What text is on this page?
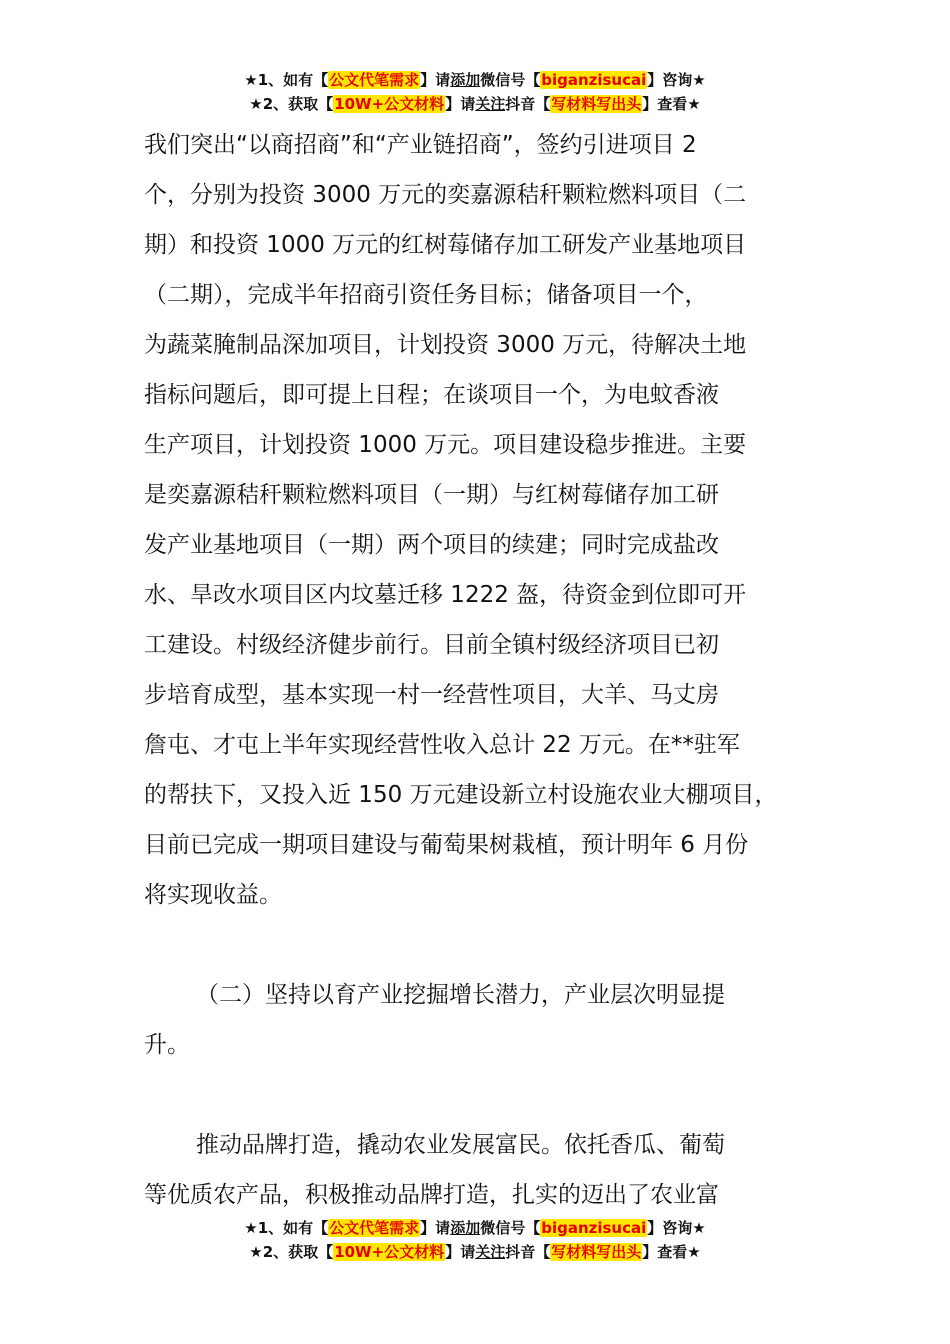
★1、如有【公文代笔需求】请添加微信号【biganzisucai】咨询★
★2、获取【10W+公文材料】请关注抖音【写材料写出头】查看★
我们突出“以商招商”和“产业链招商”，签约引进项目 2
个，分别为投资 3000 万元的奕嘉源秸秆颗粒燃料项目（二
期）和投资 1000 万元的红树莓储存加工研发产业基地项目
（二期），完成半年招商引资任务目标；储备项目一个，
为蔬菜腌制品深加项目，计划投资 3000 万元，待解决土地
指标问题后，即可提上日程；在谈项目一个，为电蚊香液
生产项目，计划投资 1000 万元。项目建设稳步推进。主要
是奕嘉源秸秆颗粒燃料项目（一期）与红树莓储存加工研
发产业基地项目（一期）两个项目的续建；同时完成盐改
水、旱改水项目区内坟墓迁移 1222 盔，待资金到位即可开
工建设。村级经济健步前行。目前全镇村级经济项目已初
步培育成型，基本实现一村一经营性项目，大羊、马丈房
詹屯、才屯上半年实现经营性收入总计 22 万元。在**驻军
的帮扶下，又投入近 150 万元建设新立村设施农业大棚项目，
目前已完成一期项目建设与葡萄果树栽植，预计明年 6 月份
将实现收益。
（二）坚持以育产业挖掘增长潜力，产业层次明显提
升。
推动品牌打造，撬动农业发展富民。依托香瓜、葡萄
等优质农产品，积极推动品牌打造，扎实的迈出了农业富
★1、如有【公文代笔需求】请添加微信号【biganzisucai】咨询★
★2、获取【10W+公文材料】请关注抖音【写材料写出头】查看★
